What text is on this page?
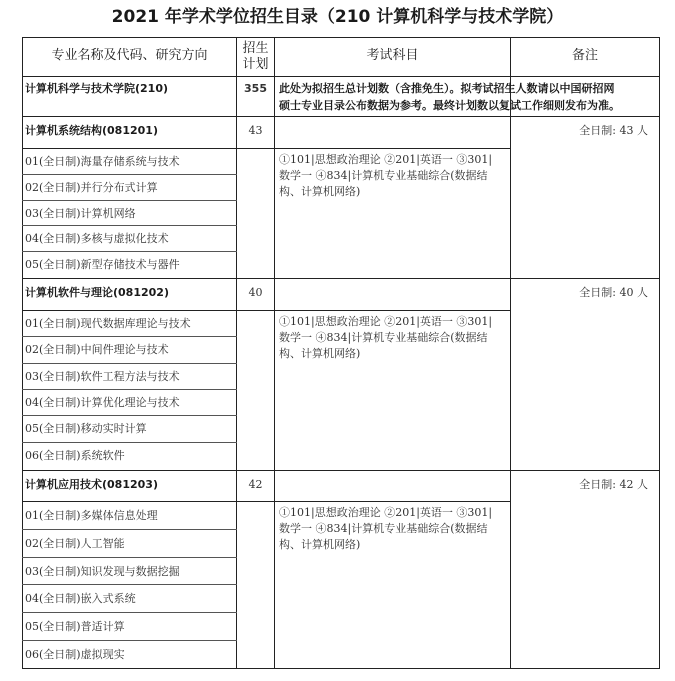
2021 年学术学位招生目录（210 计算机科学与技术学院）
专业名称及代码、研究方向	招生
计划
考试科目	备注
计算机科学与技术学院(210)	355	此处为拟招生总计划数（含推免生）。拟考试招生人数请以中国研招网
硕士专业目录公布数据为参考。最终计划数以复试工作细则发布为准。
计算机系统结构(081201)	43	全日制: 43 人
①101|思想政治理论 ②201|英语一 ③301|
数学一 ④834|计算机专业基础综合(数据结
构、计算机网络)
01(全日制)海量存储系统与技术
02(全日制)并行分布式计算
03(全日制)计算机网络
04(全日制)多核与虚拟化技术
05(全日制)新型存储技术与器件
计算机软件与理论(081202)	40	全日制: 40 人
①101|思想政治理论 ②201|英语一 ③301|
数学一 ④834|计算机专业基础综合(数据结
构、计算机网络)
01(全日制)现代数据库理论与技术
02(全日制)中间件理论与技术
03(全日制)软件工程方法与技术
04(全日制)计算优化理论与技术
05(全日制)移动实时计算
06(全日制)系统软件
计算机应用技术(081203)	42	全日制: 42 人
①101|思想政治理论 ②201|英语一 ③301|
数学一 ④834|计算机专业基础综合(数据结
构、计算机网络)
01(全日制)多媒体信息处理
02(全日制)人工智能
03(全日制)知识发现与数据挖掘
04(全日制)嵌入式系统
05(全日制)普适计算
06(全日制)虚拟现实
